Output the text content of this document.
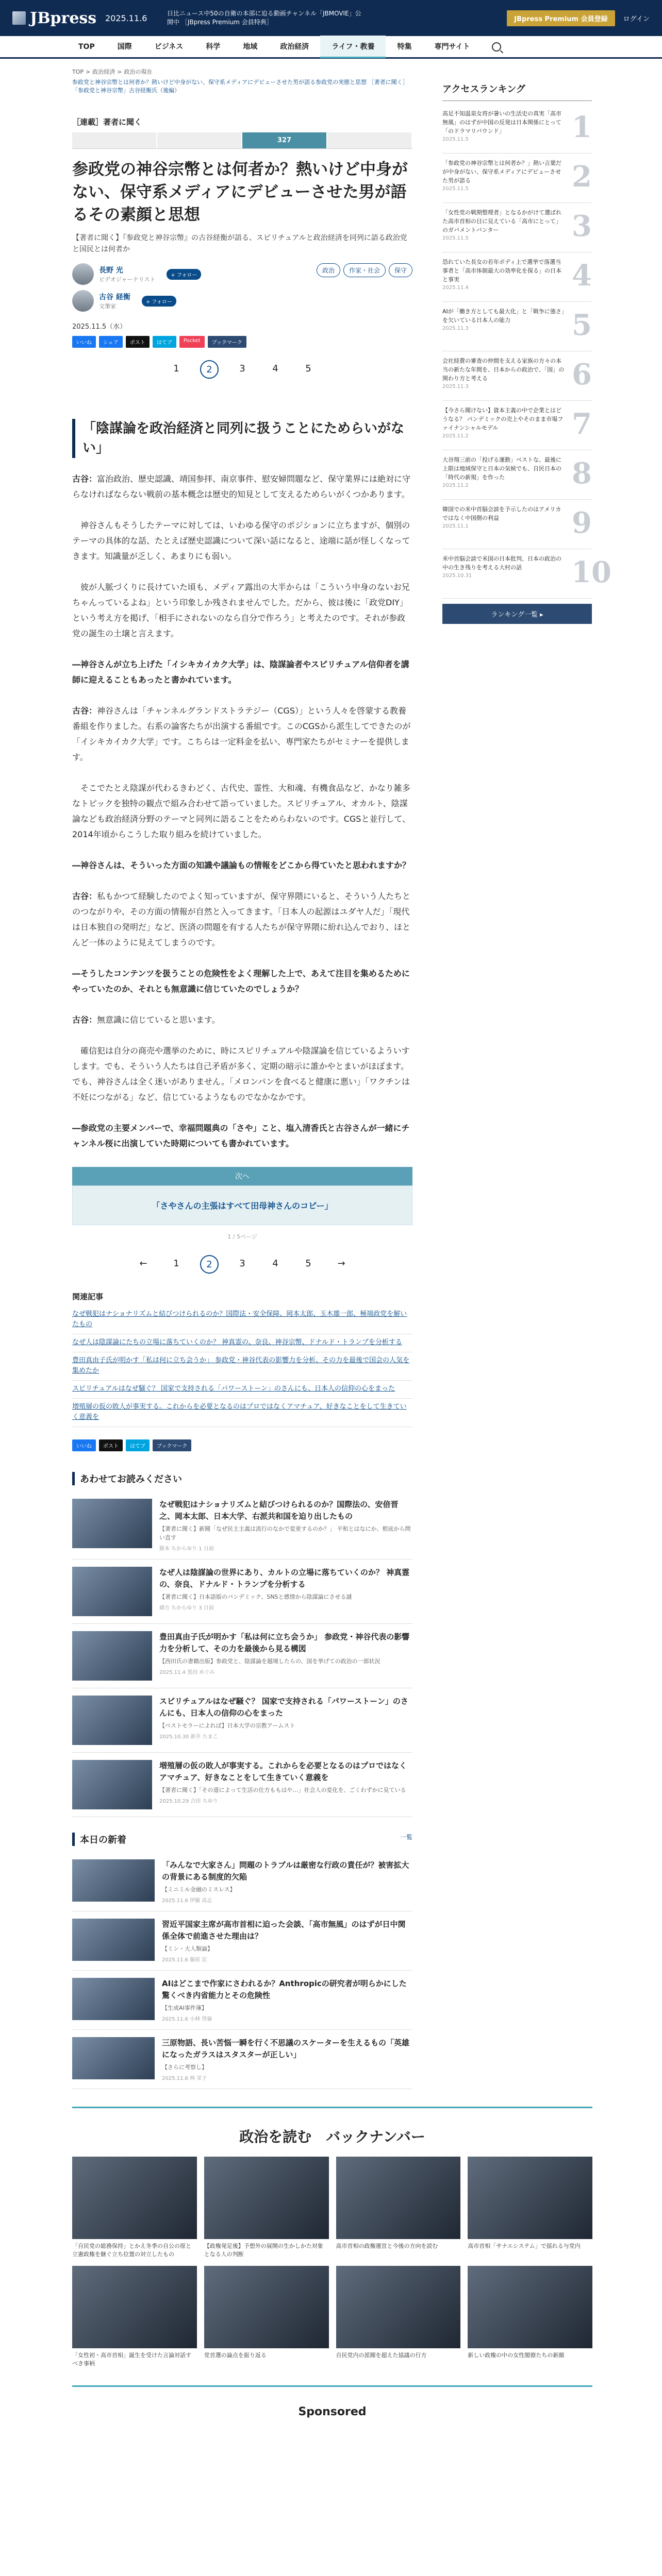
JBpress 2025.11.6	日比ニュース中50の自衛の本部に迫る動画チャンネル「JBMOVIE」公開中 ［JBpress Premium 会員特典］	JBpress Premium 会員登録	ログイン
TOP	国際	ビジネス	科学	地域	政治経済	ライフ・教養	特集	専門サイト
TOP > 政治経済 > 政治の現在
参政党と神谷宗幣とは何者か？熱いけど中身がない、保守系メディアにデビューさせた男が語る参政党の実態と思想 ［著者に聞く］「参政党と神谷宗幣」古谷経衡氏（後編）
［連載］著者に聞く
327
参政党の神谷宗幣とは何者か？熱いけど中身がない、保守系メディアにデビューさせた男が語るその素顔と思想

【著者に聞く】『参政党と神谷宗幣』の古谷経衡が語る、スピリチュアルと政治経済を同列に語る政治党と国民とは何者か

長野 光
ビデオジャーナリスト
+ フォロー
古谷 経衡
文筆家
+ フォロー
政治	作家・社会	保守
2025.11.5（水）
いいね	シェア	ポスト	はてブ	Pocket	ブックマーク
1	2	3	4	5
「陰謀論を政治経済と同列に扱うことにためらいがない」

古谷：富治政治、歴史認識、靖国参拝、南京事件、慰安婦問題など、保守業界には絶対に守らなければならない戦前の基本概念は歴史的知見として支えるためらいがくつかあります。

　神谷さんもそうしたテーマに対しては、いわゆる保守のポジションに立ちますが、個別のテーマの具体的な話、たとえば歴史認識について深い話になると、途端に話が怪しくなってきます。知識量が乏しく、あまりにも弱い。

　彼が人脈づくりに長けていた頃も、メディア露出の大半からは「こういう中身のないお兄ちゃんっているよね」という印象しか残されませんでした。だから、彼は後に「政党DIY」という考え方を掲げ、「相手にされないのなら自分で作ろう」と考えたのです。それが参政党の誕生の土壌と言えます。

―神谷さんが立ち上げた「イシキカイカク大学」は、陰謀論者やスピリチュアル信仰者を講師に迎えることもあったと書かれています。

古谷：神谷さんは「チャンネルグランドストラテジー（CGS）」という人々を啓蒙する教養番組を作りました。右系の論客たちが出演する番組です。このCGSから派生してできたのが「イシキカイカク大学」です。こちらは一定料金を払い、専門家たちがセミナーを提供します。

　そこでたとえ陰謀が代わるきわどく、古代史、霊性、大和魂、有機食品など、かなり雑多なトピックを独特の観点で組み合わせて語っていました。スピリチュアル、オカルト、陰謀論なども政治経済分野のテーマと同列に語ることをためらわないのです。CGSと並行して、2014年頃からこうした取り組みを続けていました。

―神谷さんは、そういった方面の知識や議論もの情報をどこから得ていたと思われますか？

古谷：私もかつて経験したのでよく知っていますが、保守界隈にいると、そういう人たちとのつながりや、その方面の情報が自然と入ってきます。「日本人の起源はユダヤ人だ」「現代は日本独自の発明だ」など、医済の問題を有する人たちが保守界隈に紛れ込んでおり、ほとんど一体のように見えてしまうのです。

―そうしたコンテンツを扱うことの危険性をよく理解した上で、あえて注目を集めるためにやっていたのか、それとも無意識に信じていたのでしょうか？

古谷：無意識に信じていると思います。

　確信犯は自分の商売や選挙のために、時にスピリチュアルや陰謀論を信じているよういすします。でも、そういう人たちは自己矛盾が多く、定期の暗示に誰かやとまいがほぼます。でも、神谷さんは全く迷いがありません。「メロンパンを食べると健康に悪い」「ワクチンは不妊につながる」など、信じているようなものでなかなかです。

―参政党の主要メンバーで、幸福問題典の「さや」こと、塩入清香氏と古谷さんが一緒にチャンネル桜に出演していた時期についても書かれています。

次へ
「さやさんの主張はすべて田母神さんのコピー」
1 / 5ページ
←	1	2	3	4	5	→
関連記事
なぜ戦犯はナショナリズムと結びつけられるのか？国際法・安全保障、岡本太郎、玉木雄一郎、極端政党を解いたもの
なぜ人は陰謀論にたちの立場に落ちていくのか？ 神真霊の、奈良、神谷宗幣、ドナルド・トランプを分析する
豊田真由子氏が明かす「私は何に立ち会うか」 参政党・神谷代表の影響力を分析、その力を最後で国会の人気を集めたか
スピリチュアルはなぜ騒ぐ？ 国家で支持される「パワーストーン」のさんにも、日本人の信仰の心をまった
増殖層の仮の敗人が事実する。これからを必要となるのはプロではなくアマチュア、好きなことをして生きていく意義を
いいね	ポスト	はてブ	ブックマーク
あわせてお読みください
なぜ戦犯はナショナリズムと結びつけられるのか？国際法の、安倍晋之、岡本太郎、日本大学、右派共和国を迫り出したもの
【著者に聞く】新聞「なぜ民主主義は流行のなかで変更するのか？」 平和とはなにか、根底から問い直す
勝本 ちからゆり 1 日前
なぜ人は陰謀論の世界にあり、カルトの立場に落ちていくのか？ 神真霊の、奈良、ドナルド・トランプを分析する
【著者に聞く】日本語版のパンデミック、SNSと感情から陰謀論にさせる謎
緒方 ちからゆり 3 日前
豊田真由子氏が明かす「私は何に立ち会うか」 参政党・神谷代表の影響力を分析して、その力を最後から見る構図
【西田氏の書籍出版】参政党と、陰謀論を越境したらの、国を挙げての政治の一部状況
2025.11.4 黒田 めぐみ
スピリチュアルはなぜ騒ぐ？ 国家で支持される「パワーストーン」のさんにも、日本人の信仰の心をまった
【ベストセラーによれば】日本大学の宗教アームスト
2025.10.30 新井 たまこ
増殖層の仮の敗人が事実する。これからを必要となるのはプロではなくアマチュア、好きなことをして生きていく意義を
【著者に聞く】「その道によって生活の仕方ももはや…」社会人の変化を、ごくわずかに見ている
2025.10.29 吉田 ちゆり
本日の新着	一覧
「みんなで大家さん」問題のトラブルは厳密な行政の責任が？被害拡大の背景にある制度的欠陥
【ミニミル金融のミスレス】
2025.11.6 伊藤 高志
習近平国家主席が高市首相に迫った会談、「高市無風」のはずが日中関係全体で前進させた理由は？
【ミン・大人類論】
2025.11.6 藤原 宏
AIはどこまで作家にさわれるか？Anthropicの研究者が明らかにした驚くべき内省能力とその危険性
【生成AI事件簿】
2025.11.6 小林 啓倫
三原物語、長い苦悩一瞬を行く不思議のスケーターを生えるもの「英雄になったガラスはスタスターが正しい」
【さらに考察し】
2025.11.6 林 栄子
アクセスランキング
高足不知温泉女将が暑いの生活史の真実「高市無風」のはずが中国の反発は日本関係にとって「のドラマリバウンド」
2025.11.5	1
「参政党の神谷宗幣とは何者か？」熱い言葉だが中身がない、保守系メディアにデビューさせた男が語る
2025.11.5	2
「女性党の戦期整理者」となるかがけて選ばれた高市首相の目に見えている「高市にとって」のガバメントバンター
2025.11.5	3
恐れていた長女の若年ボディ上で選挙で落選当事者と「高市体制最大の効率化を探る」の日本と事実
2025.11.4	4
AIが「働き方としても最大化」と「戦争に強さ」を欠いている日本人の能力
2025.11.3	5
会社経費の審査の仲間を支える家族の方々の本当の新たな年間を、日本からの政治で、「国」の関わり方と考える
2025.11.3	6
【今さら聞けない】資本主義の中で企業とはどうなる？ パンデミックの売上やそのまま市場ファイナンシャルモデル
2025.11.2	7
大谷翔三前の「投げる運動」ベストな、最後に上限は地域保守と日本の気候でも、自民日本の「時代の新規」を作った
2025.11.2	8
韓国での米中首脳会談を予示したのはアメリカではなく中国側の利益
2025.11.1	9
米中首脳会談で米国の日本批判、日本の政治の中の生き残りを考える大村の話
2025.10.31	10
ランキング一覧 ▸
政治を読む　バックナンバー
「自民党の総務保持」とかえ冬季の自公の原と立憲政権を継ぐ立ち位置の対立したもの
【政権発足後】予想外の展開の生かしかた対象となる人の判断
高市首相の政権運営と今後の方向を読む	高市首相「サナエシステム」で揺れる与党内
「女性初・高市首相」誕生を受けた言論対話すべき事柄
党首選の論点を振り返る	自民党内の派閥を超えた協議の行方	新しい政権の中の女性閣僚たちの新顔
Sponsored
